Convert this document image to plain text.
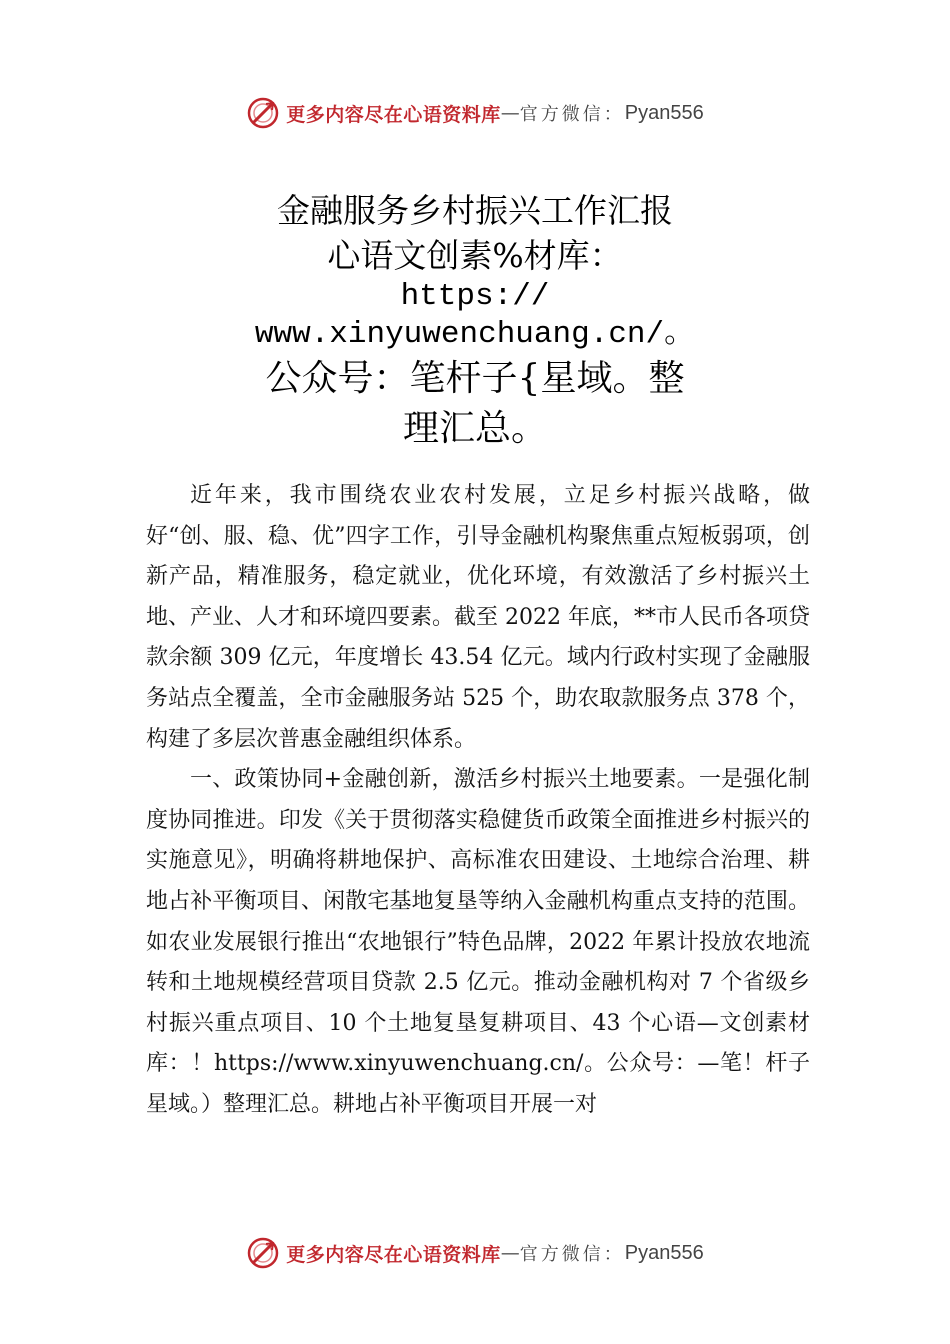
更多内容尽在心语资料库 — 官方微信： Pyan556
金融服务乡村振兴工作汇报
心语文创素%材库：
https://
www.xinyuwenchuang.cn/。
公众号：笔杆子{星域。整
理汇总。

近年来，我市围绕农业农村发展，立足乡村振兴战略，做好“创、服、稳、优”四字工作，引导金融机构聚焦重点短板弱项，创新产品，精准服务，稳定就业，优化环境，有效激活了乡村振兴土地、产业、人才和环境四要素。截至 2022 年底，**市人民币各项贷款余额 309 亿元，年度增长 43.54 亿元。域内行政村实现了金融服务站点全覆盖，全市金融服务站 525 个，助农取款服务点 378 个，构建了多层次普惠金融组织体系。

一、政策协同+金融创新，激活乡村振兴土地要素。一是强化制度协同推进。印发《关于贯彻落实稳健货币政策全面推进乡村振兴的实施意见》，明确将耕地保护、高标准农田建设、土地综合治理、耕地占补平衡项目、闲散宅基地复垦等纳入金融机构重点支持的范围。如农业发展银行推出“农地银行”特色品牌，2022 年累计投放农地流转和土地规模经营项目贷款 2.5 亿元。推动金融机构对 7 个省级乡村振兴重点项目、10 个土地复垦复耕项目、43 个心语—文创素材库：！https://www.xinyuwenchuang.cn/。公众号：—笔！杆子星域。）整理汇总。耕地占补平衡项目开展一对

更多内容尽在心语资料库 — 官方微信： Pyan556
